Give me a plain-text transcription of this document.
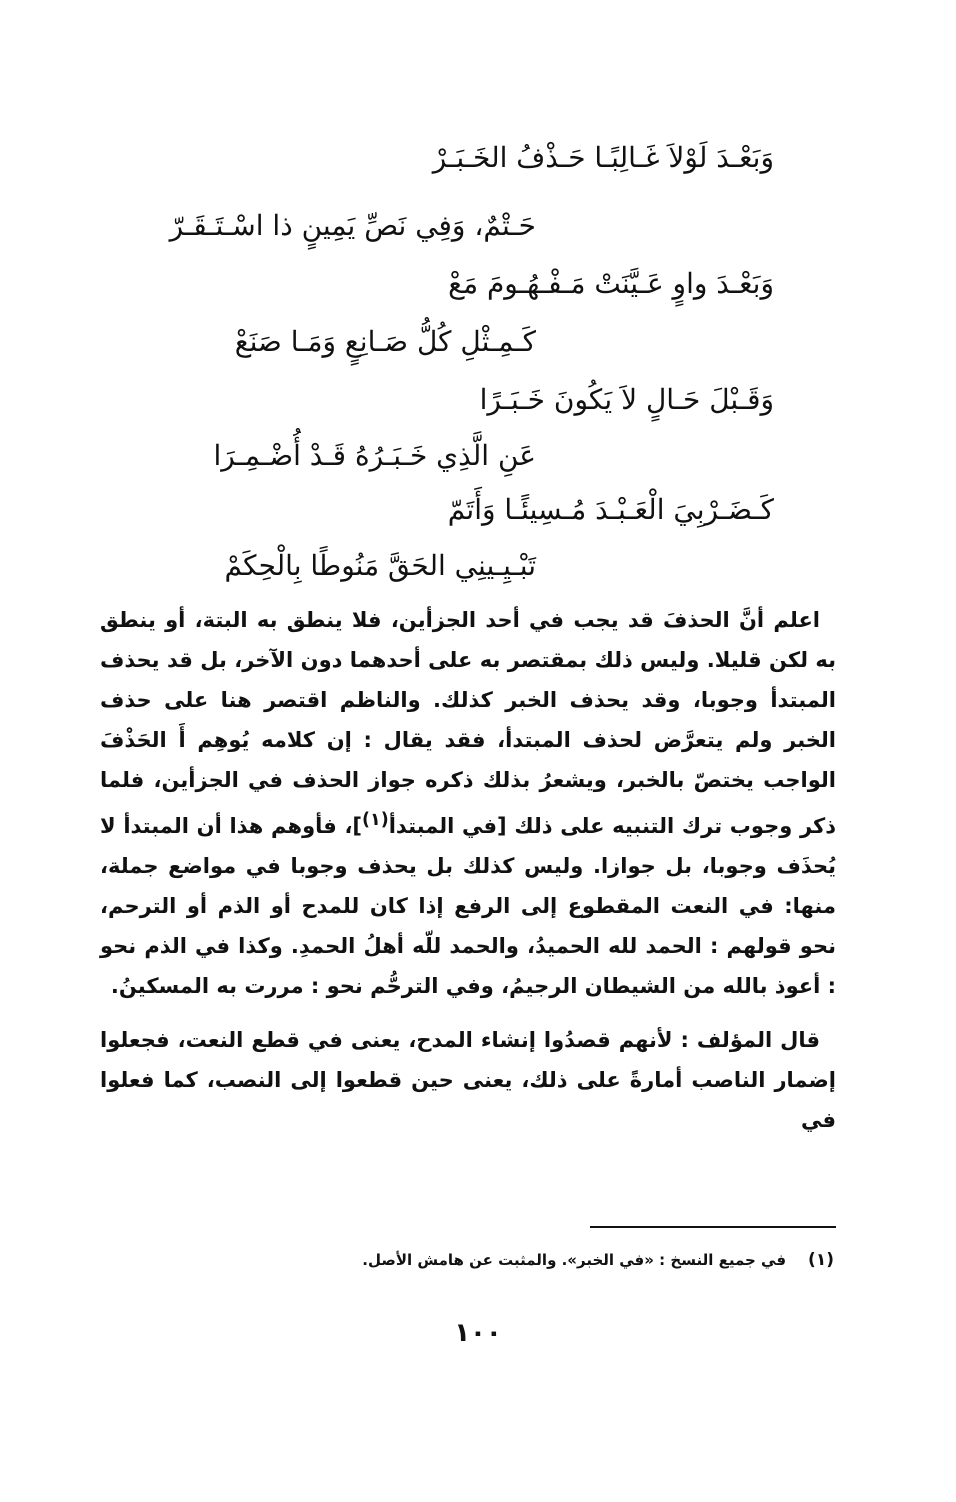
وَبَعْـدَ لَوْلاَ غَـالِبًـا حَـذْفُ الخَـبَـرْ
حَـتْمٌ، وَفِي نَصِّ يَمِينٍ ذا اسْـتَـقَـرّ
وَبَعْـدَ واوٍ عَـيَّنَتْ مَـفْـهُـومَ مَعْ
كَـمِـثْلِ كُلُّ صَـانِعٍ وَمَـا صَنَعْ
وَقَـبْلَ حَـالٍ لاَ يَكُونَ خَـبَـرًا
عَنِ الَّذِي خَـبَـرُهُ قَـدْ أُضْـمِـرَا
كَـضَـرْبِيَ الْعَـبْـدَ مُـسِيئًـا وَأَتَمّ
تَبْـيِـينِي الحَقَّ مَنُوطًا بِالْحِكَمْ

اعلم أنَّ الحذفَ قد يجب في أحد الجزأين، فلا ينطق به البتة، أو ينطق به لكن قليلا. وليس ذلك بمقتصر به على أحدهما دون الآخر، بل قد يحذف المبتدأ وجوبا، وقد يحذف الخبر كذلك. والناظم اقتصر هنا على حذف الخبر ولم يتعرَّض لحذف المبتدأ، فقد يقال : إن كلامه يُوهِم أَ الحَذْفَ الواجب يختصّ بالخبر، ويشعرُ بذلك ذكره جواز الحذف في الجزأين، فلما ذكر وجوب ترك التنبيه على ذلك [في المبتدأ$^{(١)}$]، فأوهم هذا أن المبتدأ لا يُحذَف وجوبا، بل جوازا. وليس كذلك بل يحذف وجوبا في مواضع جملة، منها: في النعت المقطوع إلى الرفع إذا كان للمدح أو الذم أو الترحم، نحو قولهم : الحمد لله الحميدُ، والحمد للّه أهلُ الحمدِ. وكذا في الذم نحو : أعوذ بالله من الشيطان الرجيمُ، وفي الترحُّم نحو : مررت به المسكينُ.

قال المؤلف : لأنهم قصدُوا إنشاء المدح، يعنى في قطع النعت، فجعلوا إضمار الناصب أمارةً على ذلك، يعنى حين قطعوا إلى النصب، كما فعلوا في

(١)في جميع النسخ : «في الخبر». والمثبت عن هامش الأصل.
١٠٠
